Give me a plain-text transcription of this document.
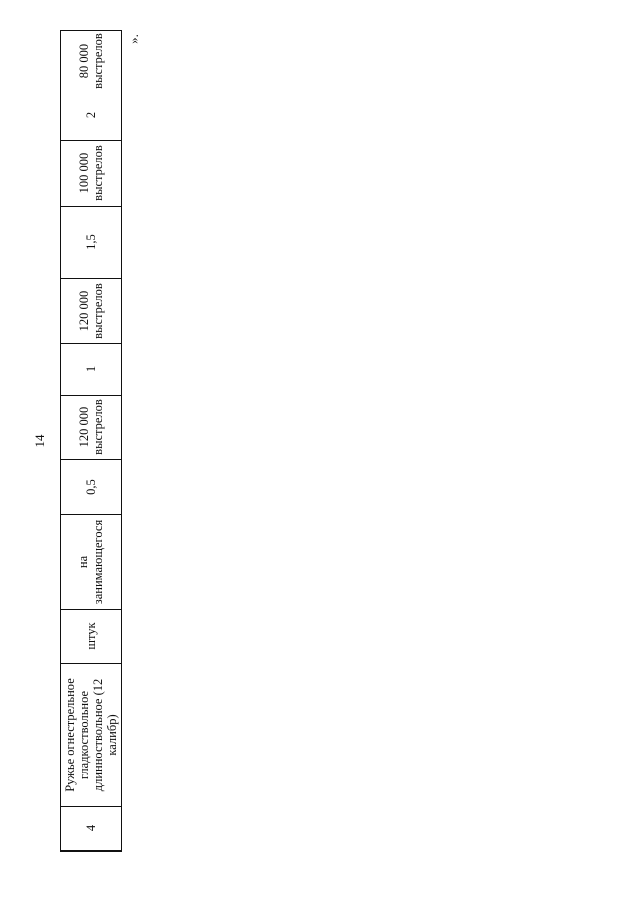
14
4
Ружье огнестрельное гладкоствольное длинноствольное (12 калибр)
штук
на занимающегося
0,5
120 000 выстрелов
1
120 000 выстрелов
1,5
100 000 выстрелов
2
80 000 выстрелов ».
